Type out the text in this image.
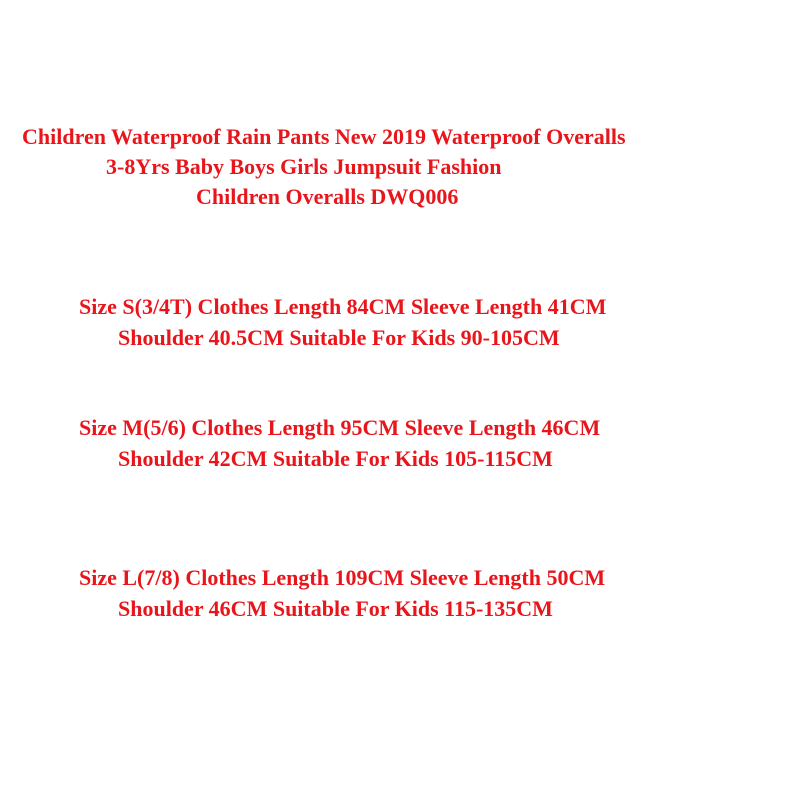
Children Waterproof Rain Pants New 2019 Waterproof Overalls
3-8Yrs Baby Boys Girls Jumpsuit Fashion
Children Overalls DWQ006
Size S(3/4T) Clothes Length 84CM Sleeve Length 41CM
Shoulder 40.5CM Suitable For Kids 90-105CM
Size M(5/6) Clothes Length 95CM Sleeve Length 46CM
Shoulder 42CM Suitable For Kids 105-115CM
Size L(7/8) Clothes Length 109CM Sleeve Length 50CM
Shoulder 46CM Suitable For Kids 115-135CM
